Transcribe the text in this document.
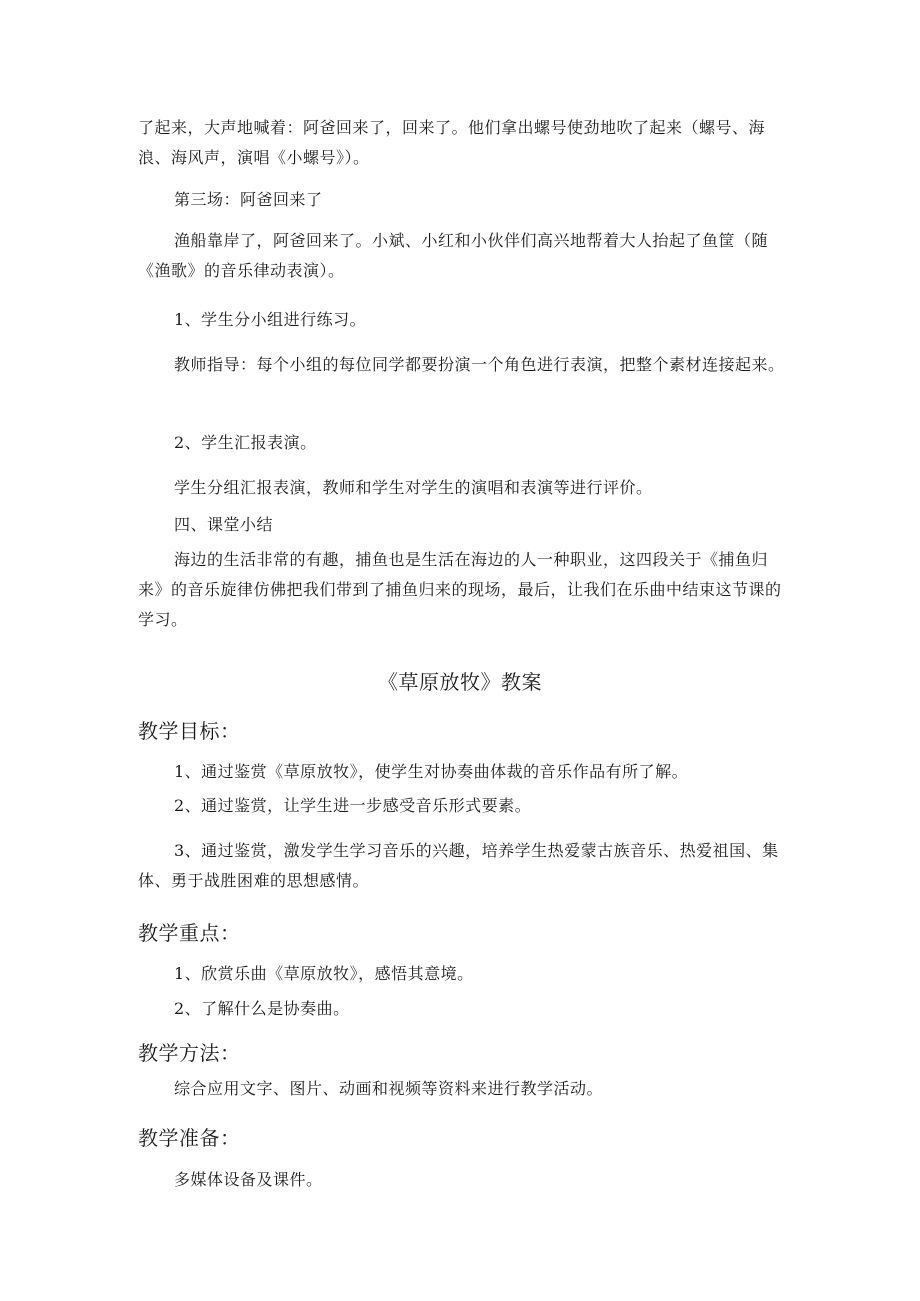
了起来，大声地喊着：阿爸回来了，回来了。他们拿出螺号使劲地吹了起来（螺号、海浪、海风声，演唱《小螺号》）。

第三场：阿爸回来了

渔船靠岸了，阿爸回来了。小斌、小红和小伙伴们高兴地帮着大人抬起了鱼筐（随《渔歌》的音乐律动表演）。

1、学生分小组进行练习。

教师指导：每个小组的每位同学都要扮演一个角色进行表演，把整个素材连接起来。

2、学生汇报表演。

学生分组汇报表演，教师和学生对学生的演唱和表演等进行评价。

四、课堂小结

海边的生活非常的有趣，捕鱼也是生活在海边的人一种职业，这四段关于《捕鱼归来》的音乐旋律仿佛把我们带到了捕鱼归来的现场，最后，让我们在乐曲中结束这节课的学习。

《草原放牧》教案

教学目标：

1、通过鉴赏《草原放牧》，使学生对协奏曲体裁的音乐作品有所了解。

2、通过鉴赏，让学生进一步感受音乐形式要素。

3、通过鉴赏，激发学生学习音乐的兴趣，培养学生热爱蒙古族音乐、热爱祖国、集体、勇于战胜困难的思想感情。

教学重点：

1、欣赏乐曲《草原放牧》，感悟其意境。

2、了解什么是协奏曲。

教学方法：

综合应用文字、图片、动画和视频等资料来进行教学活动。

教学准备：

多媒体设备及课件。
